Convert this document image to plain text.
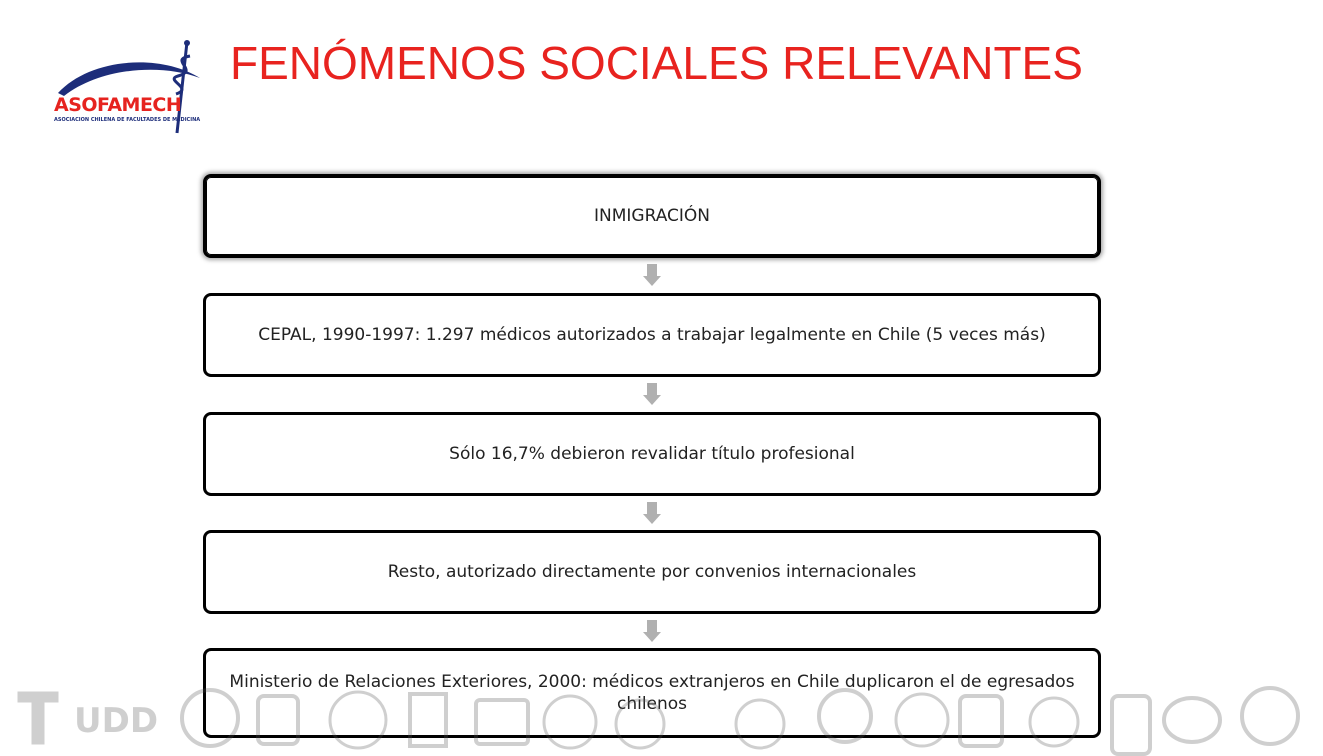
ASOFAMECH
ASOCIACION CHILENA DE FACULTADES DE MEDICINA
FENÓMENOS SOCIALES RELEVANTES
INMIGRACIÓN
CEPAL, 1990-1997: 1.297 médicos autorizados a trabajar legalmente en Chile (5 veces más)
Sólo 16,7% debieron revalidar título profesional
Resto, autorizado directamente por convenios internacionales
Ministerio de Relaciones Exteriores, 2000: médicos extranjeros en Chile duplicaron el de egresados chilenos
UDD
